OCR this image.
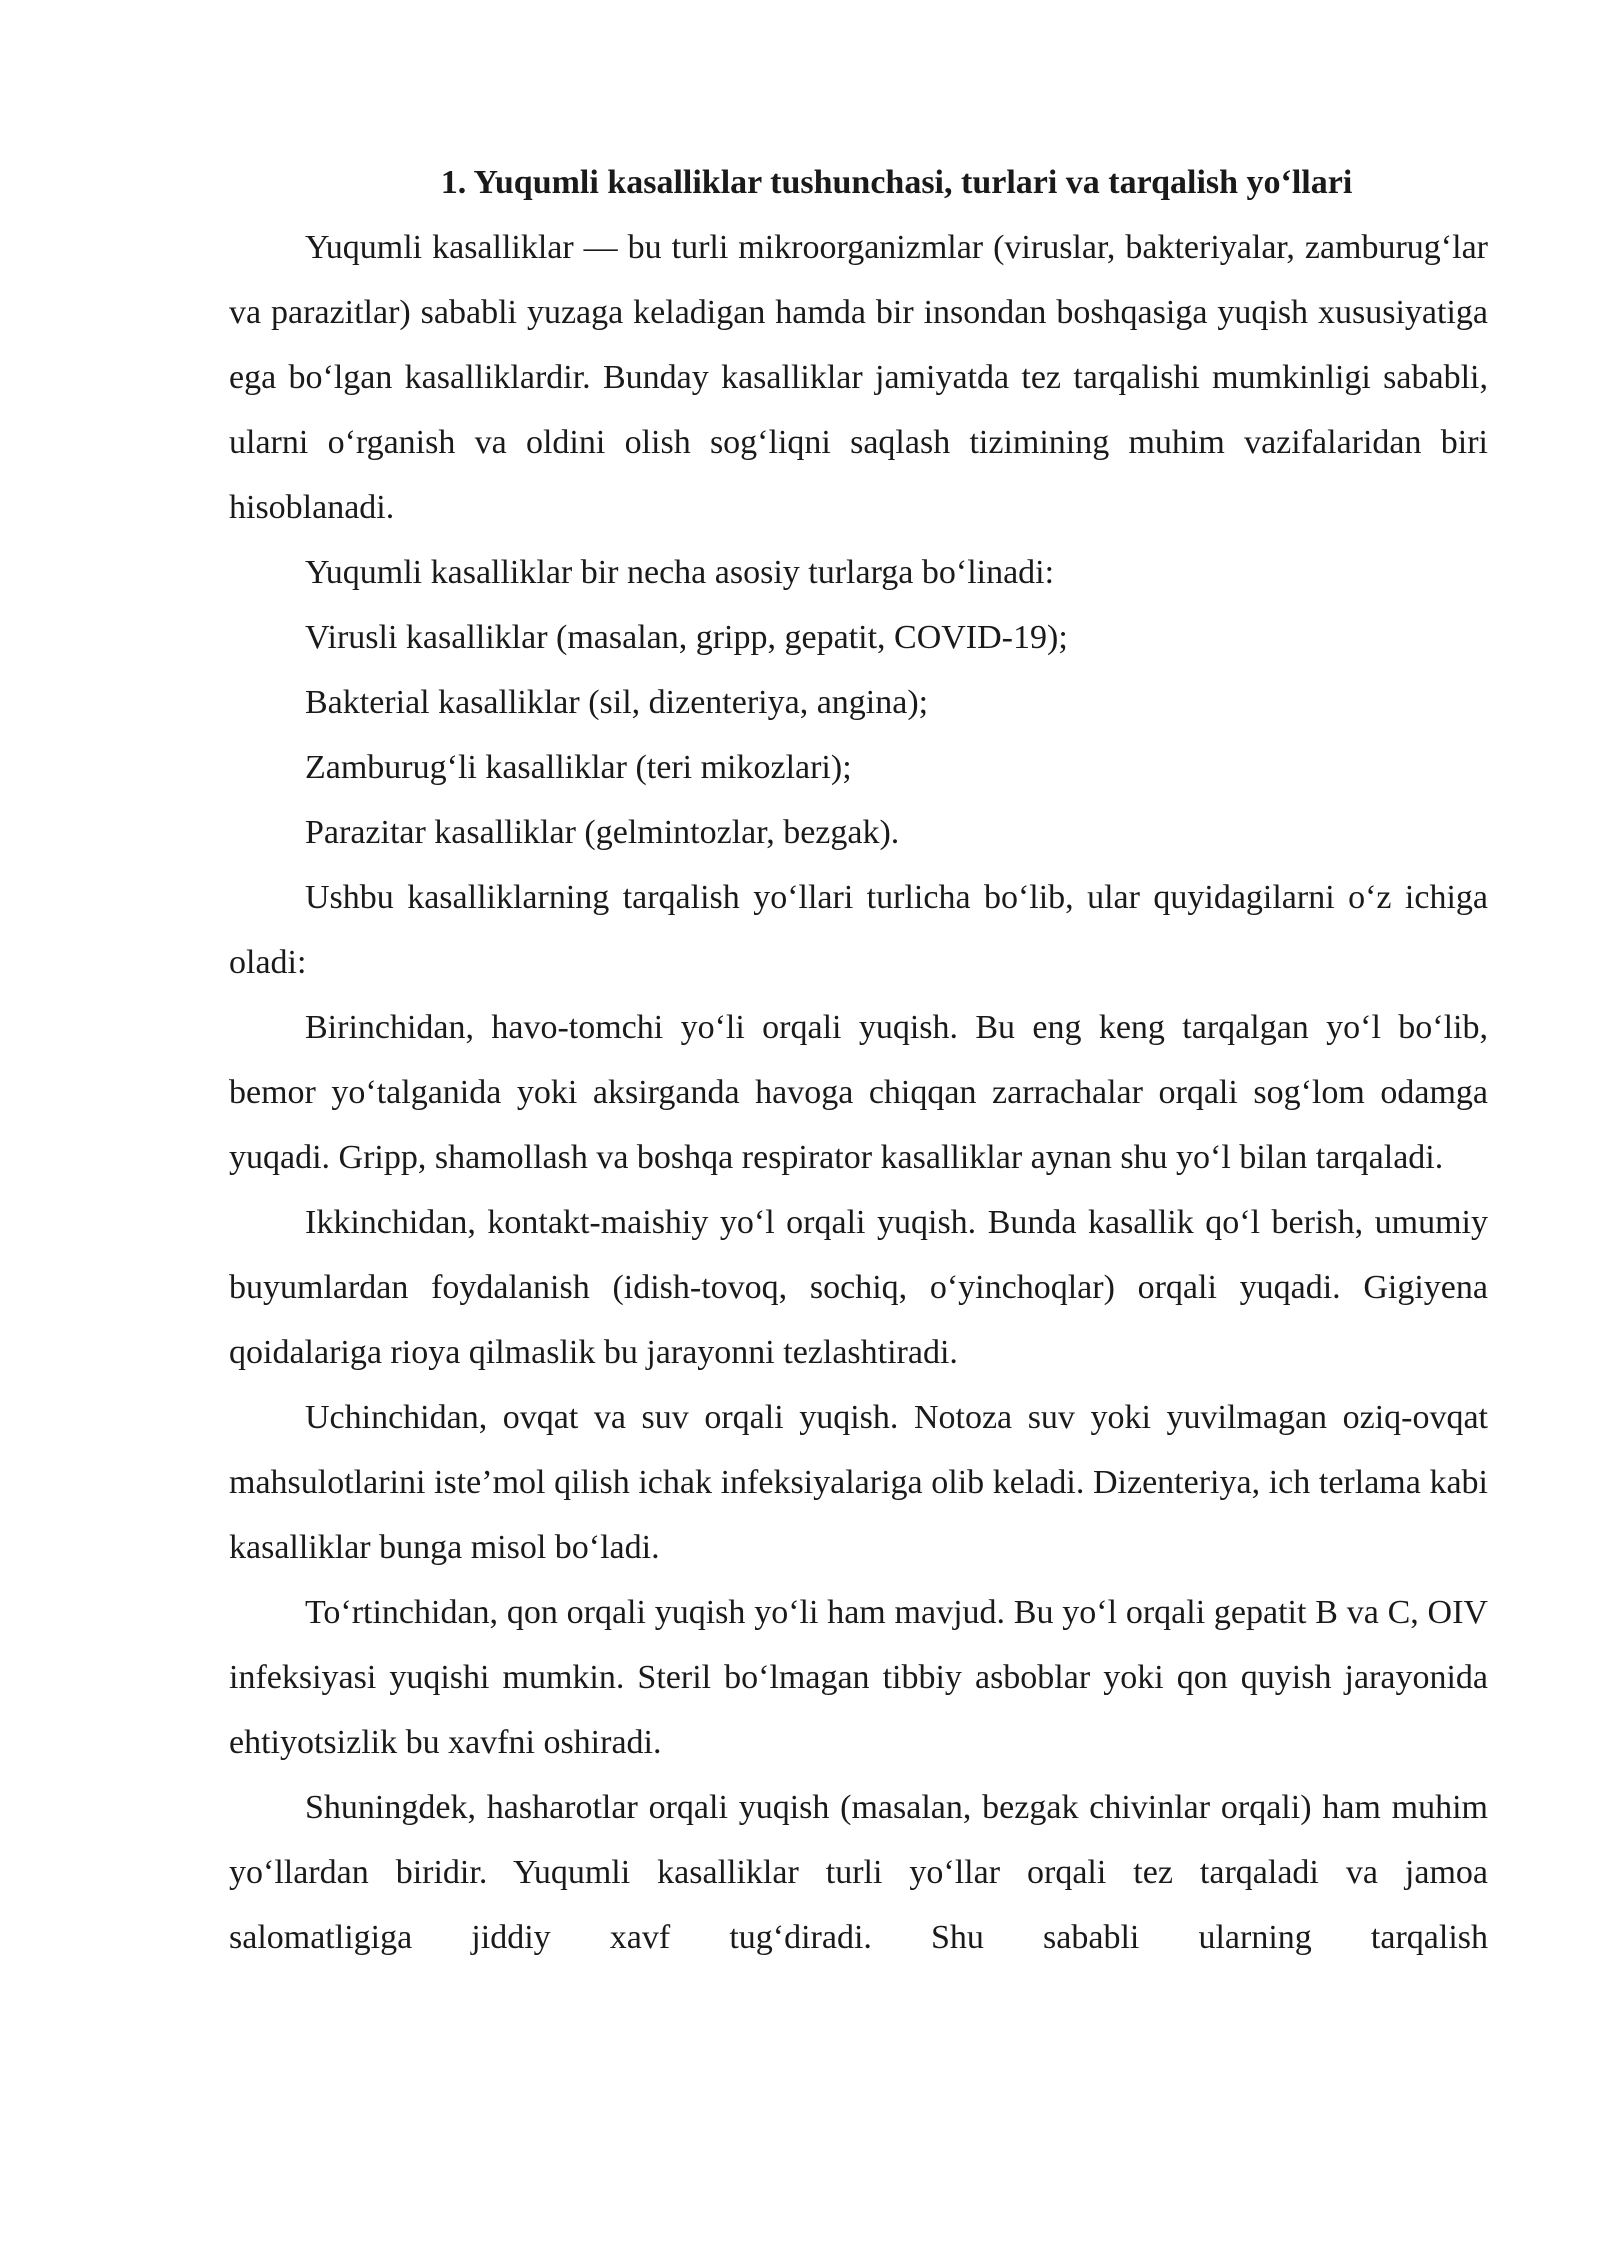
1. Yuqumli kasalliklar tushunchasi, turlari va tarqalish yo‘llari

Yuqumli kasalliklar — bu turli mikroorganizmlar (viruslar, bakteriyalar, zamburug‘lar va parazitlar) sababli yuzaga keladigan hamda bir insondan boshqasiga yuqish xususiyatiga ega bo‘lgan kasalliklardir. Bunday kasalliklar jamiyatda tez tarqalishi mumkinligi sababli, ularni o‘rganish va oldini olish sog‘liqni saqlash tizimining muhim vazifalaridan biri hisoblanadi.

Yuqumli kasalliklar bir necha asosiy turlarga bo‘linadi:

Virusli kasalliklar (masalan, gripp, gepatit, COVID-19);

Bakterial kasalliklar (sil, dizenteriya, angina);

Zamburug‘li kasalliklar (teri mikozlari);

Parazitar kasalliklar (gelmintozlar, bezgak).

Ushbu kasalliklarning tarqalish yo‘llari turlicha bo‘lib, ular quyidagilarni o‘z ichiga oladi:

Birinchidan, havo-tomchi yo‘li orqali yuqish. Bu eng keng tarqalgan yo‘l bo‘lib, bemor yo‘talganida yoki aksirganda havoga chiqqan zarrachalar orqali sog‘lom odamga yuqadi. Gripp, shamollash va boshqa respirator kasalliklar aynan shu yo‘l bilan tarqaladi.

Ikkinchidan, kontakt-maishiy yo‘l orqali yuqish. Bunda kasallik qo‘l berish, umumiy buyumlardan foydalanish (idish-tovoq, sochiq, o‘yinchoqlar) orqali yuqadi. Gigiyena qoidalariga rioya qilmaslik bu jarayonni tezlashtiradi.

Uchinchidan, ovqat va suv orqali yuqish. Notoza suv yoki yuvilmagan oziq-ovqat mahsulotlarini iste’mol qilish ichak infeksiyalariga olib keladi. Dizenteriya, ich terlama kabi kasalliklar bunga misol bo‘ladi.

To‘rtinchidan, qon orqali yuqish yo‘li ham mavjud. Bu yo‘l orqali gepatit B va C, OIV infeksiyasi yuqishi mumkin. Steril bo‘lmagan tibbiy asboblar yoki qon quyish jarayonida ehtiyotsizlik bu xavfni oshiradi.

Shuningdek, hasharotlar orqali yuqish (masalan, bezgak chivinlar orqali) ham muhim yo‘llardan biridir. Yuqumli kasalliklar turli yo‘llar orqali tez tarqaladi va jamoa salomatligiga jiddiy xavf tug‘diradi. Shu sababli ularning tarqalish
